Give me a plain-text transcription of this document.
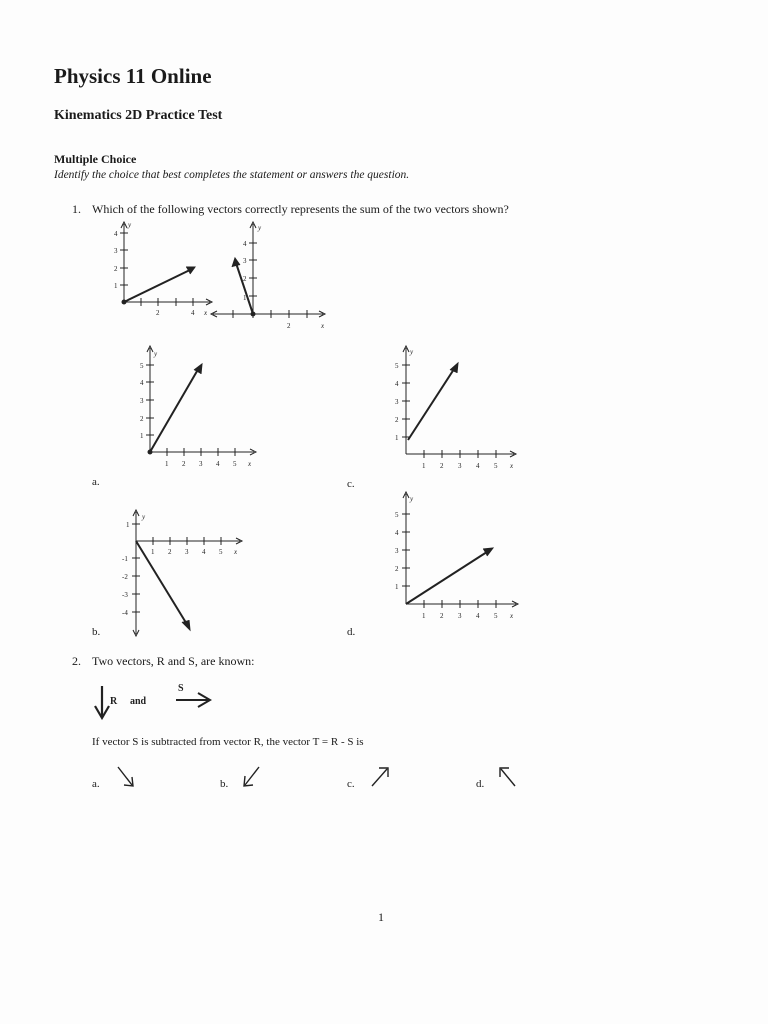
Physics 11 Online
Kinematics 2D Practice Test
Multiple Choice
Identify the choice that best completes the statement or answers the question.
1. Which of the following vectors correctly represents the sum of the two vectors shown?
y
1
2
3
4
2	4 x
y
1
2
3
4
2	x
y
1
2
3
4
5
1 2 3 4 5 x
a.
y
1
2
3
4
5
1 2 3 4 5 x
c.
y
1
-1
-2
-3
-4
1 2 3 4 5 x
b.
y
1
2
3
4
5
1 2 3 4 5 x
d.
2. Two vectors, R and S, are known:
R and
S
If vector S is subtracted from vector R, the vector T = R - S is
a.	b.	c.	d.
1
